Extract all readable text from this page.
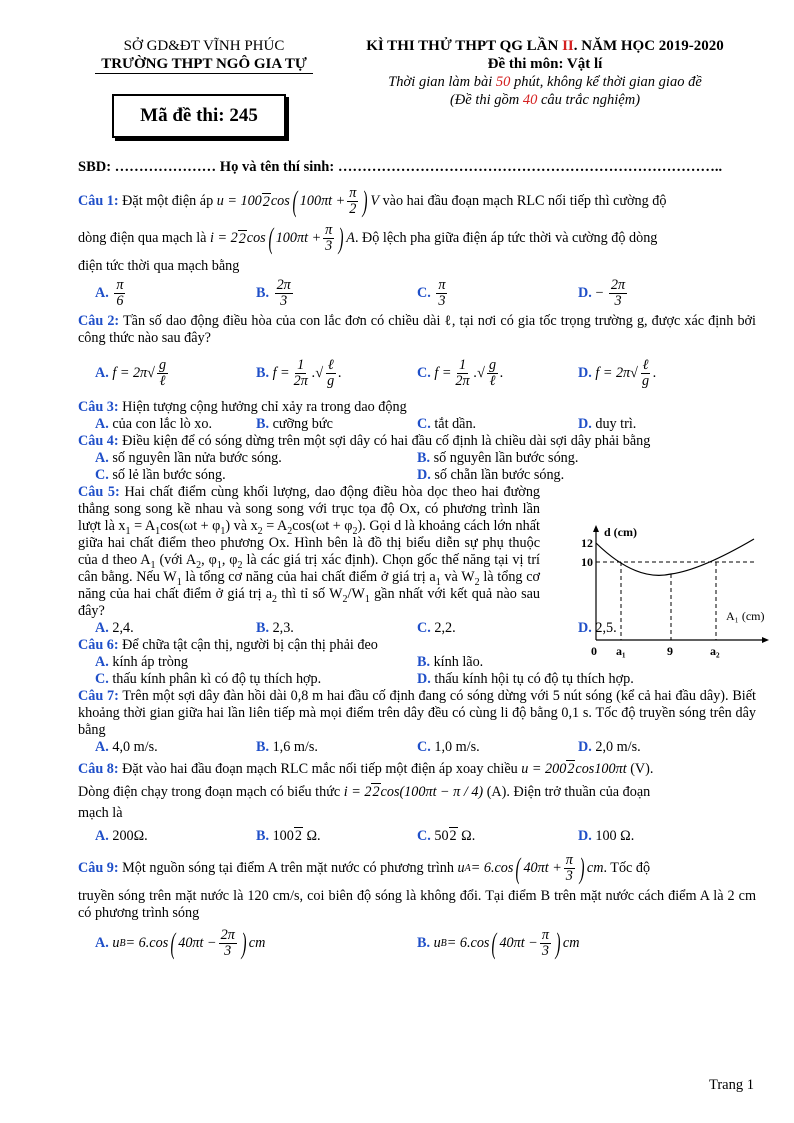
SỞ GD&ĐT VĨNH PHÚC
TRƯỜNG THPT NGÔ GIA TỰ
Mã đề thi: 245
KÌ THI THỬ THPT QG LẦN II. NĂM HỌC 2019-2020
Đề thi môn: Vật lí
Thời gian làm bài 50 phút, không kể thời gian giao đề
(Đề thi gồm 40 câu trắc nghiệm)
SBD: ………………… Họ và tên thí sinh: ……………………………………………………………………..
Câu 1: Đặt một điện áp u = 100 2 cos ( $100\pi t + \frac{\pi}{2}$ ) V vào hai đầu đoạn mạch RLC nối tiếp thì cường độ
dòng điện qua mạch là i = 2 2 cos ( $100\pi t + \frac{\pi}{3}$ ) A. Độ lệch pha giữa điện áp tức thời và cường độ dòng
điện tức thời qua mạch bằng
A. $\frac{\pi}{6}$	B. $\frac{2\pi}{3}$	C. $\frac{\pi}{3}$	D. − $\frac{2\pi}{3}$
Câu 2: Tần số dao động điều hòa của con lắc đơn có chiều dài ℓ, tại nơi có gia tốc trọng trường g, được xác định bởi công thức nào sau đây?
A. $f = 2\pi√ \frac{g}{\text{ℓ}}$	B. $f = \frac{1}{2\pi}$ .√ $\frac{\text{ℓ}}{g}$ .	C. $f = \frac{1}{2\pi}$ .√ $\frac{g}{\text{ℓ}}$ .	D. $f = 2\pi√ \frac{\text{ℓ}}{g}$ .
Câu 3: Hiện tượng cộng hưởng chỉ xảy ra trong dao động
A. của con lắc lò xo.	B. cưỡng bức	C. tắt dần.	D. duy trì.
Câu 4: Điều kiện để có sóng dừng trên một sợi dây có hai đầu cố định là chiều dài sợi dây phải bằng
A. số nguyên lần nửa bước sóng.	B. số nguyên lần bước sóng.
C. số lẻ lần bước sóng.	D. số chẵn lần bước sóng.
Câu 5: Hai chất điểm cùng khối lượng, dao động điều hòa dọc theo hai đường thẳng song song kề nhau và song song với trục tọa độ Ox, có phương trình lần lượt là $x_1 = A_1\cos(\omega t + \varphi_1)$ và $x_2 = A_2\cos(\omega t + \varphi_2)$. Gọi d là khoảng cách lớn nhất giữa hai chất điểm theo phương Ox. Hình bên là đồ thị biểu diễn sự phụ thuộc của d theo $A_1$ (với $A_2$, $\varphi_1$, $\varphi_2$ là các giá trị xác định). Chọn gốc thế năng tại vị trí cân bằng. Nếu $W_1$ là tổng cơ năng của hai chất điểm ở giá trị $a_1$ và $W_2$ là tổng cơ năng của hai chất điểm ở giá trị $a_2$ thì tỉ số $W_2/W_1$ gần nhất với kết quả nào sau đây?
A. 2,4.	B. 2,3.	C. 2,2.	D. 2,5.
Câu 6: Để chữa tật cận thị, người bị cận thị phải đeo
A. kính áp tròng	B. kính lão.
C. thấu kính phân kì có độ tụ thích hợp.	D. thấu kính hội tụ có độ tụ thích hợp.
Câu 7: Trên một sợi dây đàn hồi dài 0,8 m hai đầu cố định đang có sóng dừng với 5 nút sóng (kể cả hai đầu dây). Biết khoảng thời gian giữa hai lần liên tiếp mà mọi điểm trên dây đều có cùng li độ bằng 0,1 s. Tốc độ truyền sóng trên dây bằng
A. 4,0 m/s.	B. 1,6 m/s.	C. 1,0 m/s.	D. 2,0 m/s.
Câu 8: Đặt vào hai đầu đoạn mạch RLC mắc nối tiếp một điện áp xoay chiều u = 2002cos100πt (V).
Dòng điện chạy trong đoạn mạch có biểu thức i = 22cos(100πt − π / 4) (A). Điện trở thuần của đoạn
mạch là
A. 200Ω.	B. 1002 Ω.	C. 502 Ω.	D. 100 Ω.
Câu 9: Một nguồn sóng tại điểm A trên mặt nước có phương trình u A = 6.cos ( $40\pi t + \frac{\pi}{3}$ ) cm. Tốc độ
truyền sóng trên mặt nước là 120 cm/s, coi biên độ sóng là không đổi. Tại điểm B trên mặt nước cách điểm A là 2 cm có phương trình sóng
A. u B = 6.cos ( $40\pi t - \frac{2\pi}{3}$ ) cm	B. u B = 6.cos ( $40\pi t - \frac{\pi}{3}$ ) cm
d (cm)
12
10
A₁ (cm)
0 a₁	9	a₂
Trang 1
